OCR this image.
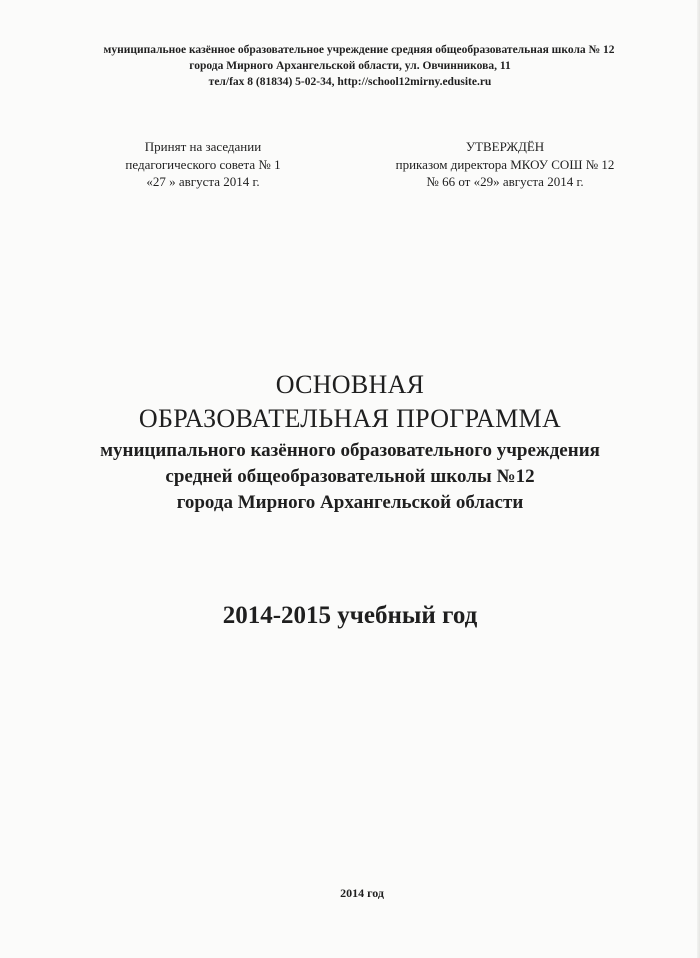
муниципальное казённое образовательное учреждение средняя общеобразовательная школа № 12
города Мирного Архангельской области, ул. Овчинникова, 11
тел/fax 8 (81834) 5-02-34, http://school12mirny.edusite.ru
Принят на заседании
педагогического совета № 1
«27 » августа 2014 г.
УТВЕРЖДЁН
приказом директора МКОУ СОШ № 12
№ 66 от «29» августа 2014 г.
ОСНОВНАЯ
ОБРАЗОВАТЕЛЬНАЯ ПРОГРАММА
муниципального казённого образовательного учреждения
средней общеобразовательной школы №12
города Мирного Архангельской области
2014-2015 учебный год
2014 год
